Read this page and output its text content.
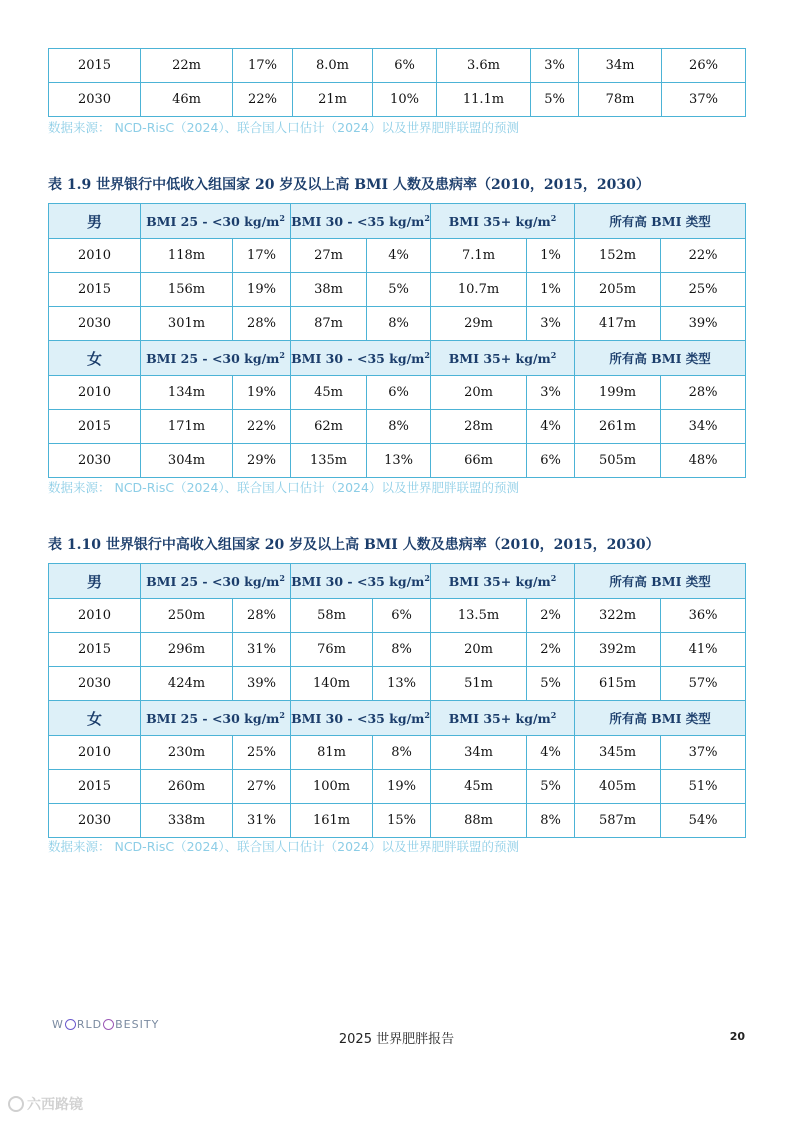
2015	22m	17%	8.0m	6%	3.6m	3%	34m	26%
2030	46m	22%	21m	10%	11.1m	5%	78m	37%
数据来源： NCD-RisC（2024）、联合国人口估计（2024）以及世界肥胖联盟的预测
表 1.9 世界银行中低收入组国家 20 岁及以上高 BMI 人数及患病率（2010，2015，2030）
男	BMI 25 - <30 $kg/m^2$		BMI 30 - <35 $kg/m^2$		BMI $35+ kg/m^2$		所有高 BMI 类型	
2010	118m	17%	27m	4%	7.1m	1%	152m	22%
2015	156m	19%	38m	5%	10.7m	1%	205m	25%
2030	301m	28%	87m	8%	29m	3%	417m	39%
女	BMI 25 - <30 $kg/m^2$		BMI 30 - <35 $kg/m^2$		BMI $35+ kg/m^2$		所有高 BMI 类型	
2010	134m	19%	45m	6%	20m	3%	199m	28%
2015	171m	22%	62m	8%	28m	4%	261m	34%
2030	304m	29%	135m	13%	66m	6%	505m	48%
数据来源： NCD-RisC（2024）、联合国人口估计（2024）以及世界肥胖联盟的预测
表 1.10 世界银行中高收入组国家 20 岁及以上高 BMI 人数及患病率（2010，2015，2030）
男	BMI 25 - <30 $kg/m^2$		BMI 30 - <35 $kg/m^2$		BMI $35+ kg/m^2$		所有高 BMI 类型	
2010	250m	28%	58m	6%	13.5m	2%	322m	36%
2015	296m	31%	76m	8%	20m	2%	392m	41%
2030	424m	39%	140m	13%	51m	5%	615m	57%
女	BMI 25 - <30 $kg/m^2$		BMI 30 - <35 $kg/m^2$		BMI $35+ kg/m^2$		所有高 BMI 类型	
2010	230m	25%	81m	8%	34m	4%	345m	37%
2015	260m	27%	100m	19%	45m	5%	405m	51%
2030	338m	31%	161m	15%	88m	8%	587m	54%
数据来源： NCD-RisC（2024）、联合国人口估计（2024）以及世界肥胖联盟的预测
W RLD BESITY
2025 世界肥胖报告	20
六西路镜
